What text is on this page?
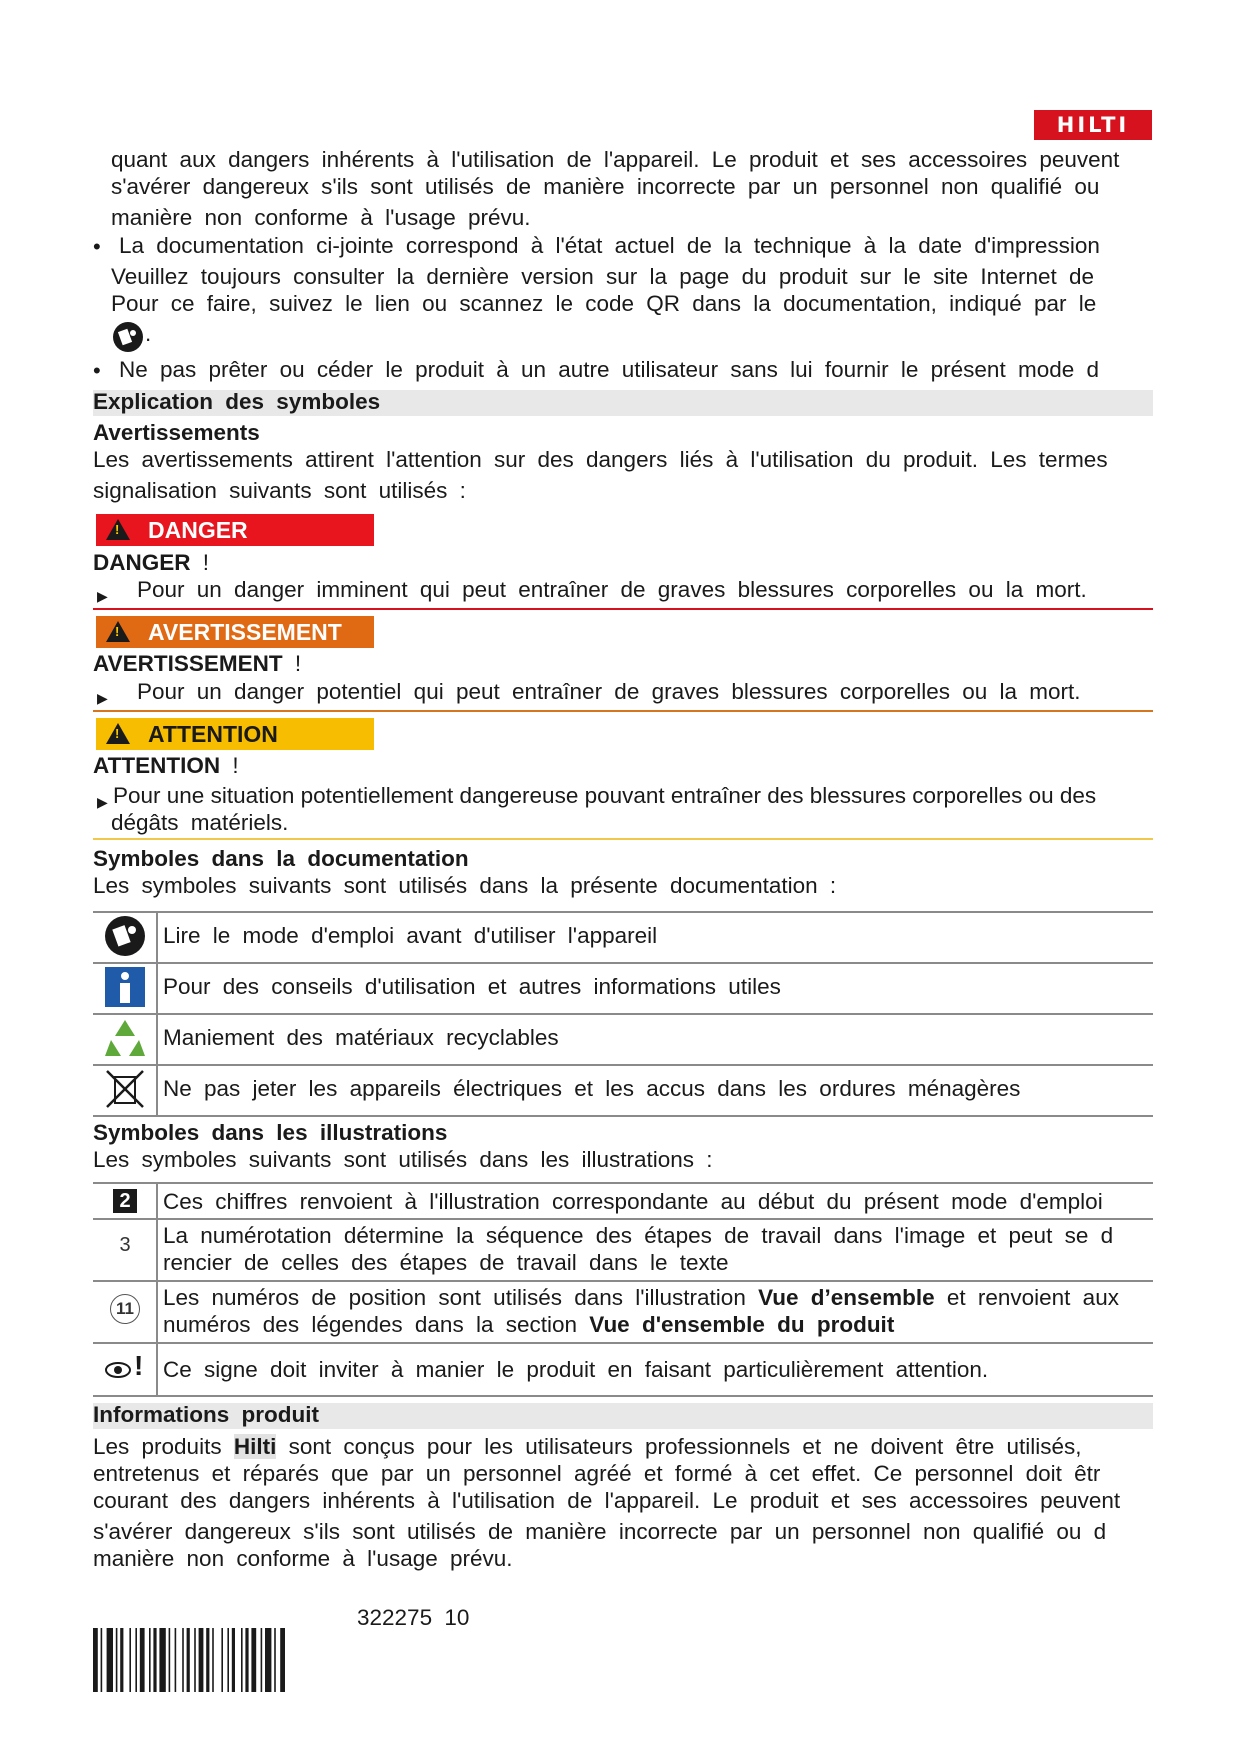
HILTI
quant aux dangers inhérents à l'utilisation de l'appareil. Le produit et ses accessoires peuvent
s'avérer dangereux s'ils sont utilisés de manière incorrecte par un personnel non qualifié ou
manière non conforme à l'usage prévu.
• La documentation ci-jointe correspond à l'état actuel de la technique à la date d'impression
Veuillez toujours consulter la dernière version sur la page du produit sur le site Internet de
Pour ce faire, suivez le lien ou scannez le code QR dans la documentation, indiqué par le
.
• Ne pas prêter ou céder le produit à un autre utilisateur sans lui fournir le présent mode d
Explication des symboles
Avertissements
Les avertissements attirent l'attention sur des dangers liés à l'utilisation du produit. Les termes
signalisation suivants sont utilisés :
!
DANGER
DANGER !
▶ Pour un danger imminent qui peut entraîner de graves blessures corporelles ou la mort.
!
AVERTISSEMENT
AVERTISSEMENT !
▶ Pour un danger potentiel qui peut entraîner de graves blessures corporelles ou la mort.
!
ATTENTION
ATTENTION !
▶ Pour une situation potentiellement dangereuse pouvant entraîner des blessures corporelles ou des
dégâts matériels.
Symboles dans la documentation
Les symboles suivants sont utilisés dans la présente documentation :
Lire le mode d'emploi avant d'utiliser l'appareil
Pour des conseils d'utilisation et autres informations utiles
Maniement des matériaux recyclables
Ne pas jeter les appareils électriques et les accus dans les ordures ménagères
Symboles dans les illustrations
Les symboles suivants sont utilisés dans les illustrations :
2 Ces chiffres renvoient à l'illustration correspondante au début du présent mode d'emploi
3 La numérotation détermine la séquence des étapes de travail dans l'image et peut se d
rencier de celles des étapes de travail dans le texte
11 Les numéros de position sont utilisés dans l'illustration Vue d’ensemble et renvoient aux
numéros des légendes dans la section Vue d'ensemble du produit
! Ce signe doit inviter à manier le produit en faisant particulièrement attention.
Informations produit
Les produits Hilti sont conçus pour les utilisateurs professionnels et ne doivent être utilisés,
entretenus et réparés que par un personnel agréé et formé à cet effet. Ce personnel doit êtr
courant des dangers inhérents à l'utilisation de l'appareil. Le produit et ses accessoires peuvent
s'avérer dangereux s'ils sont utilisés de manière incorrecte par un personnel non qualifié ou d
manière non conforme à l'usage prévu.
322275 10
